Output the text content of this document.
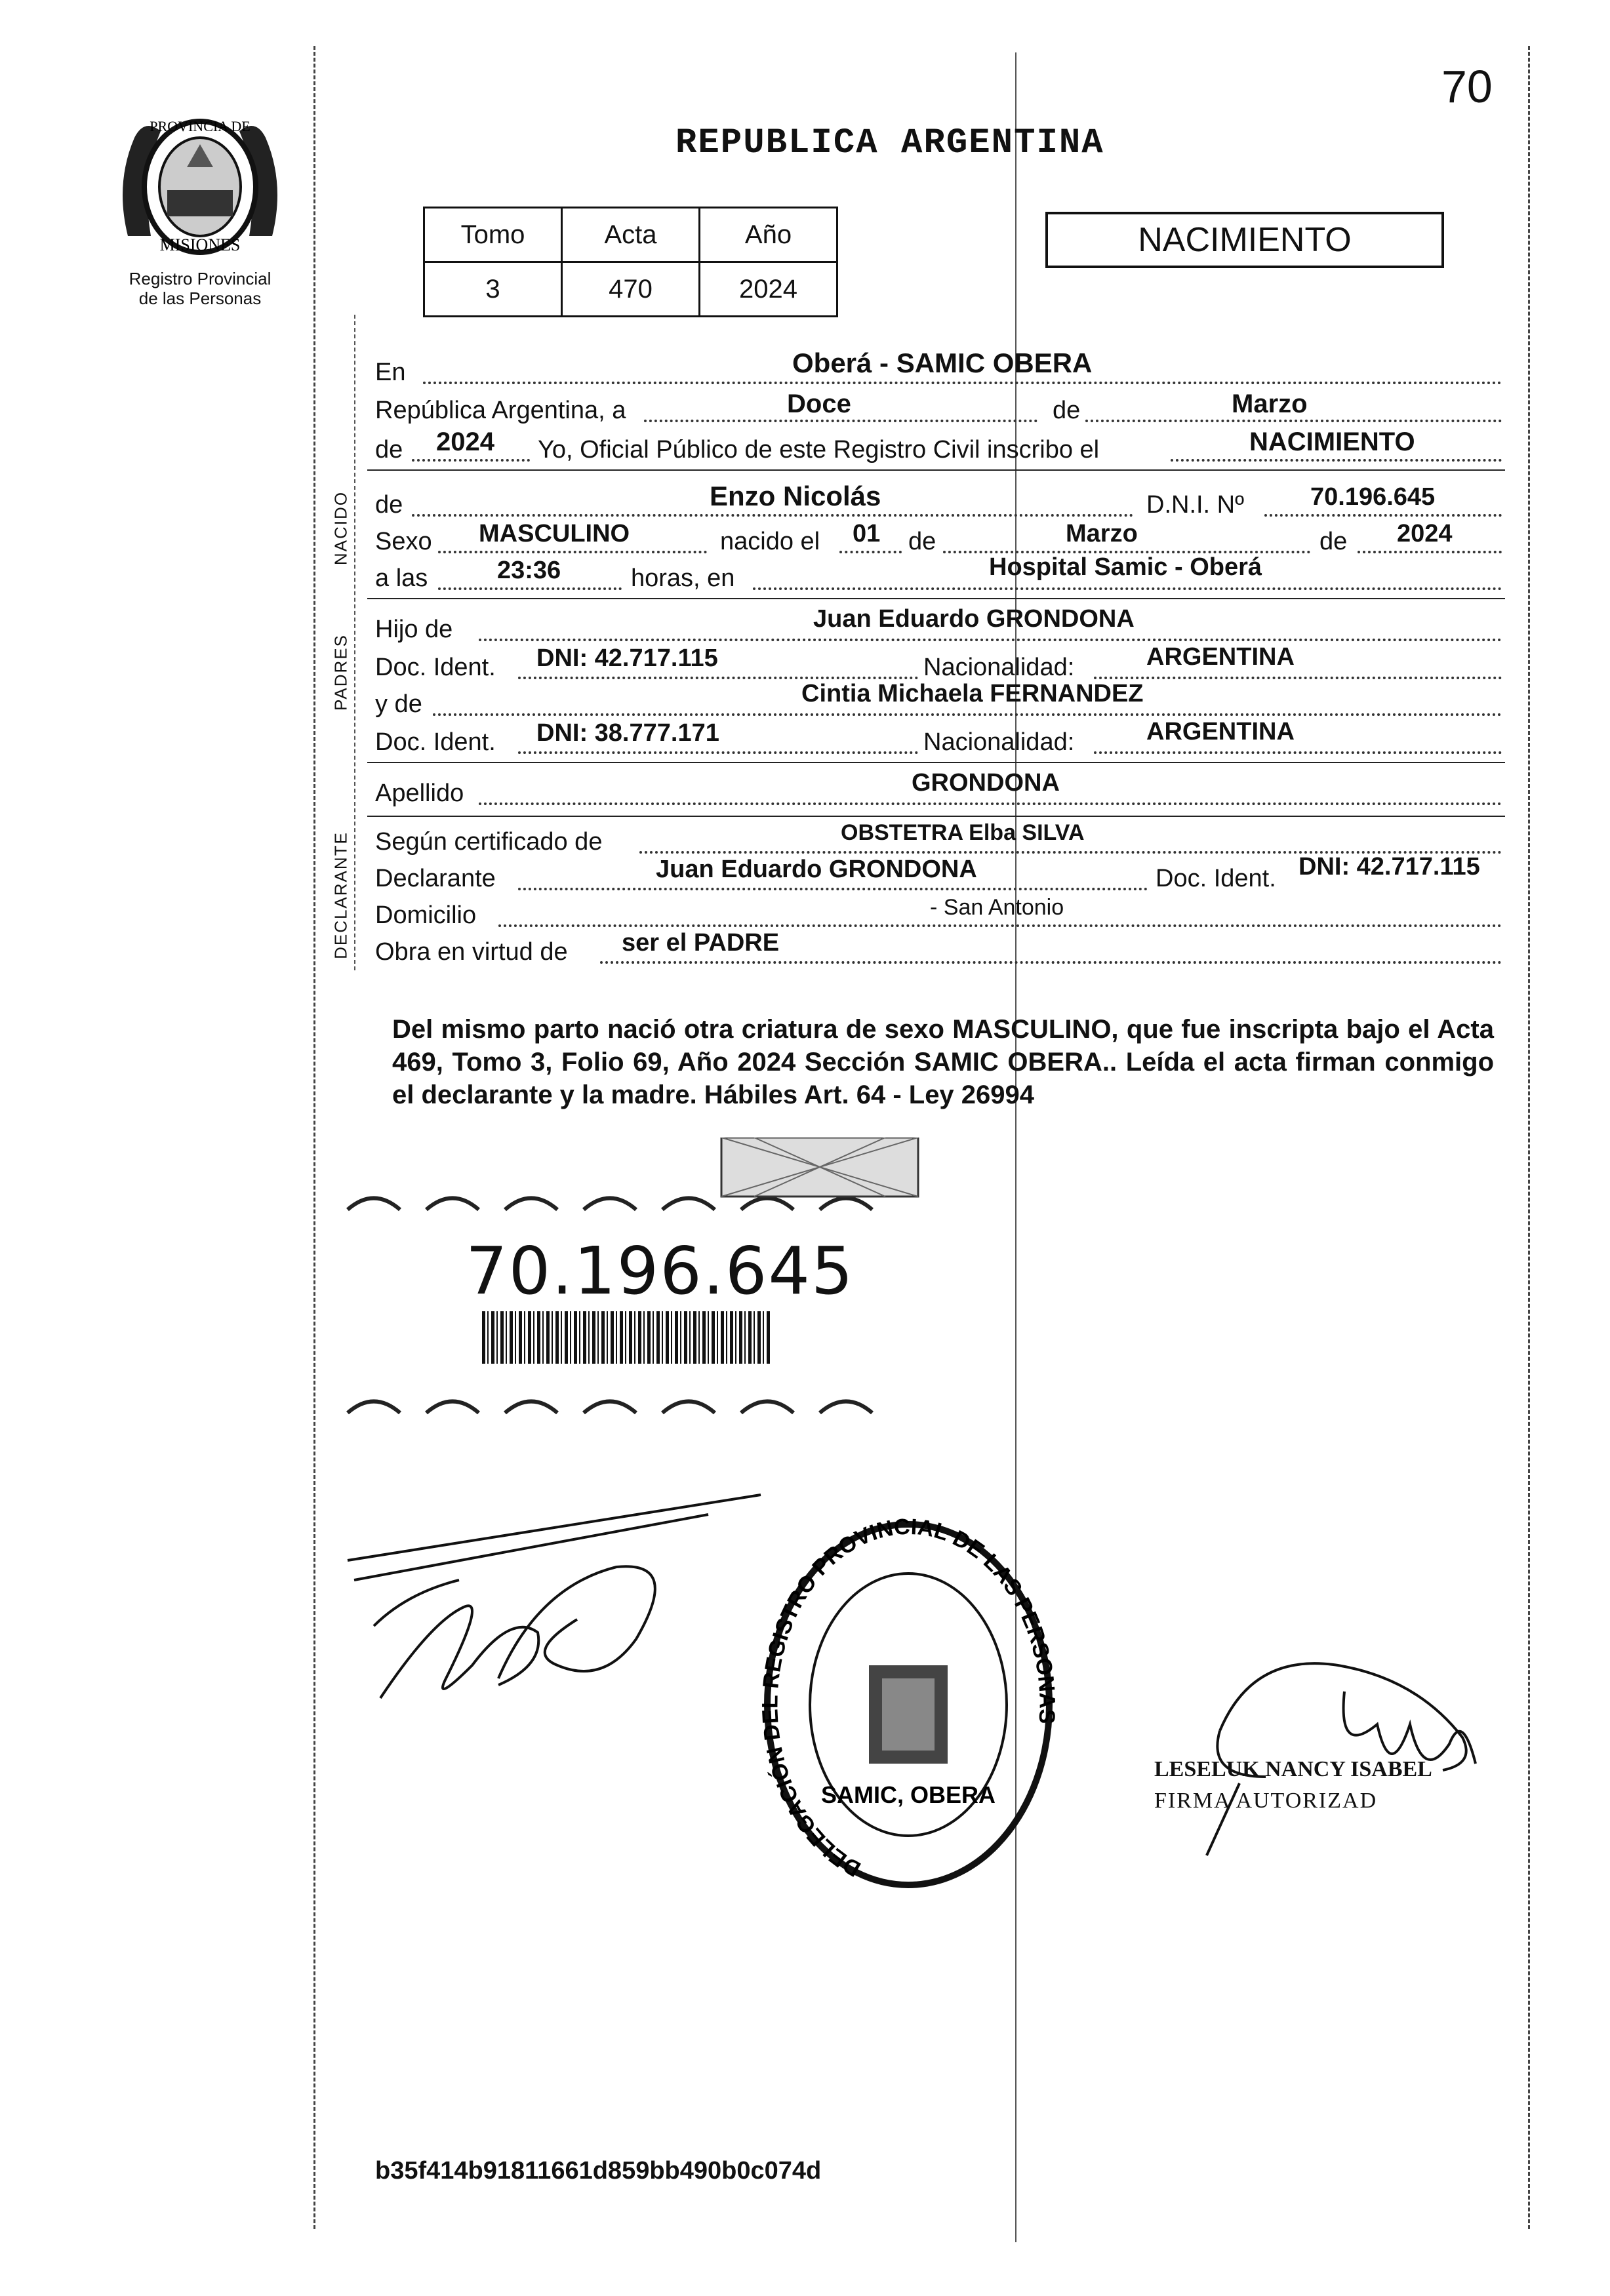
70
PROVINCIA DE
MISIONES
Registro Provincial
de las Personas
REPUBLICA ARGENTINA
Tomo	Acta	Año
3	470	2024
NACIMIENTO
En	Oberá - SAMIC OBERA
República Argentina, a	Doce	de	Marzo
de 2024 Yo, Oficial Público de este Registro Civil inscribo el	NACIMIENTO
NACIDO de	Enzo Nicolás	D.N.I. Nº	70.196.645
Sexo MASCULINO	nacido el 01 de	Marzo	de 2024
a las	23:36	horas, en	Hospital Samic - Oberá
PADRES
Hijo de	Juan Eduardo GRONDONA
Doc. Ident. DNI: 42.717.115	Nacionalidad:	ARGENTINA
y de	Cintia Michaela FERNANDEZ
Doc. Ident. DNI: 38.777.171	Nacionalidad:	ARGENTINA
Apellido	GRONDONA
DECLARANTE Según certificado de	OBSTETRA Elba SILVA
Declarante	Juan Eduardo GRONDONA	Doc. Ident. DNI: 42.717.115
Domicilio	- San Antonio
Obra en virtud de ser el PADRE
Del mismo parto nació otra criatura de sexo MASCULINO, que fue inscripta bajo el Acta 469, Tomo 3, Folio 69, Año 2024 Sección SAMIC OBERA.. Leída el acta firman conmigo el declarante y la madre. Hábiles Art. 64 - Ley 26994
70.196.645
DELEGACIÓN DEL REGISTRO PROVINCIAL DE LAS PERSONAS
SAMIC, OBERA
LESELUK NANCY ISABEL
FIRMA AUTORIZAD
b35f414b91811661d859bb490b0c074d
